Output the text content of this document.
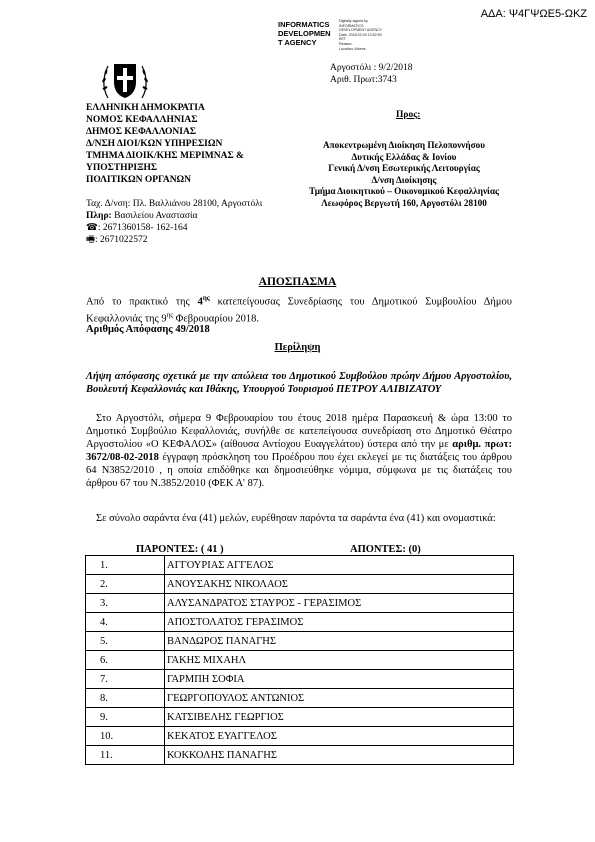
ΑΔΑ: Ψ4ΓΨΩΕ5-ΩΚΖ
INFORMATICS
DEVELOPMEN
T AGENCY
Digitally signed by
INFORMATICS
DEVELOPMENT AGENCY
Date: 2018.02.09 13:52:59
EET
Reason:
Location: Athens
Αργοστόλι : 9/2/2018
Αριθ. Πρωτ:3743
ΕΛΛΗΝΙΚΗ ΔΗΜΟΚΡΑΤΙΑ
ΝΟΜΟΣ ΚΕΦΑΛΛΗΝΙΑΣ
ΔΗΜΟΣ ΚΕΦΑΛΛΟΝΙΑΣ
Δ/ΝΣΗ ΔΙΟΙ/ΚΩΝ ΥΠΗΡΕΣΙΩΝ
ΤΜΗΜΑ ΔΙΟΙΚ/ΚΗΣ ΜΕΡΙΜΝΑΣ &
ΥΠΟΣΤΗΡΙΞΗΣ
ΠΟΛΙΤΙΚΩΝ ΟΡΓΑΝΩΝ
Ταχ. Δ/νση: Πλ. Βαλλιάνου 28100, Αργοστόλι
Πληρ: Βασιλείου Αναστασία
☎: 2671360158- 162-164
🖷: 2671022572
Προς:
Αποκεντρωμένη Διοίκηση Πελοποννήσου
Δυτικής Ελλάδας & Ιονίου
Γενική Δ/νση Εσωτερικής Λειτουργίας
Δ/νση Διοίκησης
Τμήμα Διοικητικού – Οικονομικού Κεφαλληνίας
Λεωφόρος Βεργωτή 160, Αργοστόλι 28100
ΑΠΟΣΠΑΣΜΑ
Από το πρακτικό της $4^{\eta\varsigma}$ κατεπείγουσας Συνεδρίασης του Δημοτικού Συμβουλίου Δήμου Κεφαλλονιάς της $9^{\eta\varsigma}$ Φεβρουαρίου 2018.
Αριθμός Απόφασης 49/2018
Περίληψη
Λήψη απόφασης σχετικά με την απώλεια του Δημοτικού Συμβούλου πρώην Δήμου Αργοστολίου, Βουλευτή Κεφαλλονιάς και Ιθάκης, Υπουργού Τουρισμού ΠΕΤΡΟΥ ΑΛΙΒΙΖΑΤΟΥ
Στο Αργοστόλι, σήμερα 9 Φεβρουαρίου του έτους 2018 ημέρα Παρασκευή & ώρα 13:00 το Δημοτικό Συμβούλιο Κεφαλλονιάς, συνήλθε σε κατεπείγουσα συνεδρίαση στο Δημοτικό Θέατρο Αργοστολίου «Ο ΚΕΦΑΛΟΣ» (αίθουσα Αντίοχου Ευαγγελάτου) ύστερα από την με αριθμ. πρωτ: 3672/08-02-2018 έγγραφη πρόσκληση του Προέδρου που έχει εκλεγεί με τις διατάξεις του άρθρου 64 Ν3852/2010 , η οποία επιδόθηκε και δημοσιεύθηκε νόμιμα, σύμφωνα με τις διατάξεις του άρθρου 67 του Ν.3852/2010 (ΦΕΚ Α' 87).
Σε σύνολο σαράντα ένα (41) μελών, ευρέθησαν παρόντα τα σαράντα ένα (41) και ονομαστικά:
ΠΑΡΟΝΤΕΣ: ( 41 )	ΑΠΟΝΤΕΣ: (0)
1.	ΑΓΓΟΥΡΙΑΣ ΑΓΓΕΛΟΣ
2.	ΑΝΟΥΣΑΚΗΣ ΝΙΚΟΛΑΟΣ
3.	ΑΛΥΣΑΝΔΡΑΤΟΣ ΣΤΑΥΡΟΣ - ΓΕΡΑΣΙΜΟΣ
4.	ΑΠΟΣΤΟΛΑΤΟΣ ΓΕΡΑΣΙΜΟΣ
5.	ΒΑΝΔΩΡΟΣ ΠΑΝΑΓΗΣ
6.	ΓΑΚΗΣ ΜΙΧΑΗΛ
7.	ΓΑΡΜΠΗ ΣΟΦΙΑ
8.	ΓΕΩΡΓΟΠΟΥΛΟΣ ΑΝΤΩΝΙΟΣ
9.	ΚΑΤΣΙΒΕΛΗΣ ΓΕΩΡΓΙΟΣ
10.	ΚΕΚΑΤΟΣ ΕΥΑΓΓΕΛΟΣ
11.	ΚΟΚΚΟΛΗΣ ΠΑΝΑΓΗΣ
